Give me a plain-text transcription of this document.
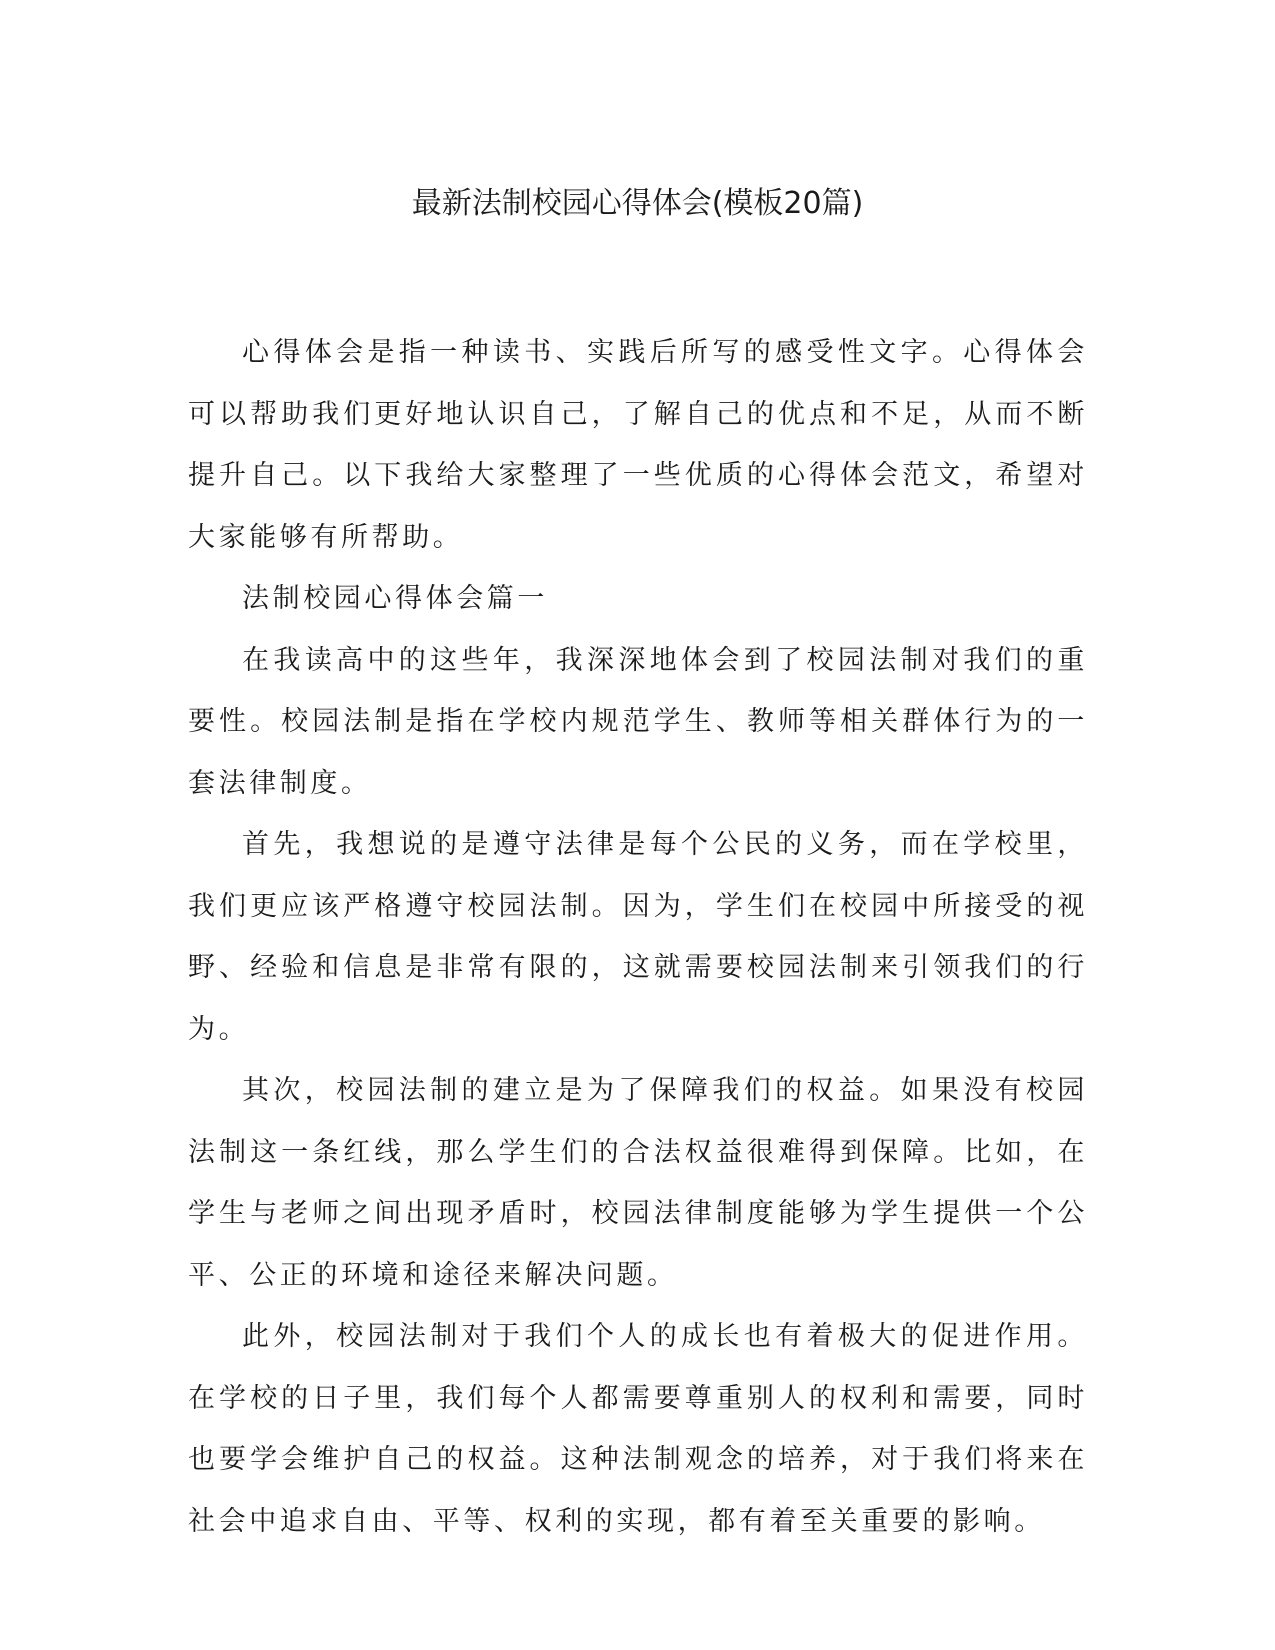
最新法制校园心得体会(模板20篇)

心得体会是指一种读书、实践后所写的感受性文字。心得体会可以帮助我们更好地认识自己，了解自己的优点和不足，从而不断提升自己。以下我给大家整理了一些优质的心得体会范文，希望对大家能够有所帮助。

法制校园心得体会篇一

在我读高中的这些年，我深深地体会到了校园法制对我们的重要性。校园法制是指在学校内规范学生、教师等相关群体行为的一套法律制度。

首先，我想说的是遵守法律是每个公民的义务，而在学校里，我们更应该严格遵守校园法制。因为，学生们在校园中所接受的视野、经验和信息是非常有限的，这就需要校园法制来引领我们的行为。

其次，校园法制的建立是为了保障我们的权益。如果没有校园法制这一条红线，那么学生们的合法权益很难得到保障。比如，在学生与老师之间出现矛盾时，校园法律制度能够为学生提供一个公平、公正的环境和途径来解决问题。

此外，校园法制对于我们个人的成长也有着极大的促进作用。在学校的日子里，我们每个人都需要尊重别人的权利和需要，同时也要学会维护自己的权益。这种法制观念的培养，对于我们将来在社会中追求自由、平等、权利的实现，都有着至关重要的影响。
